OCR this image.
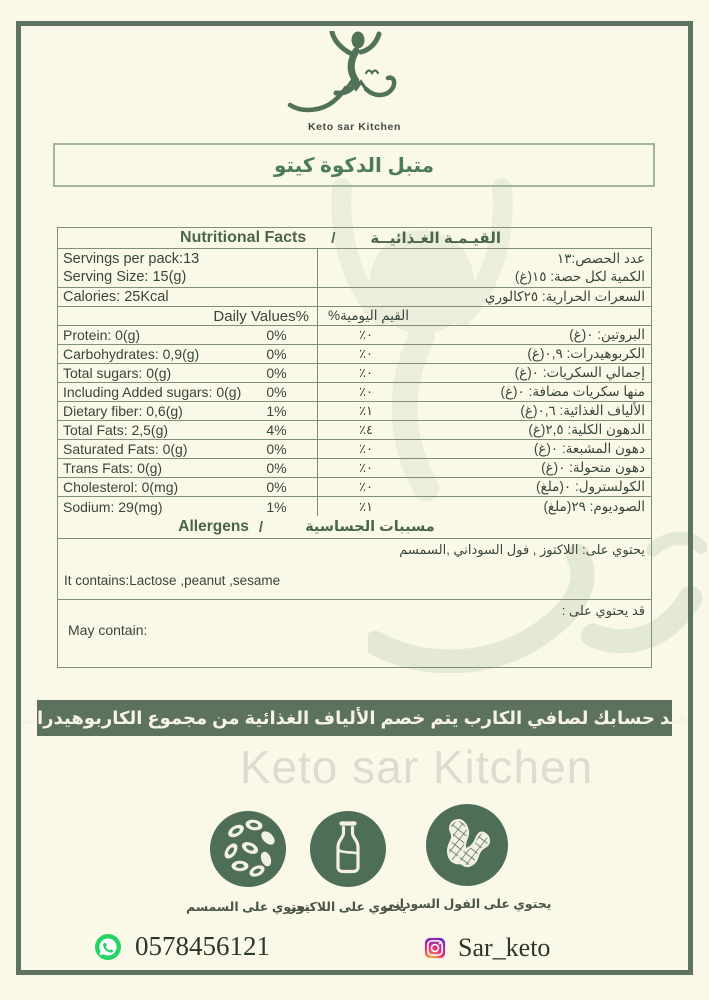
Keto sar Kitchen
Keto sar Kitchen
متبل الدكوة كيتو
Nutritional Facts / القيـمـة الغـذائيــة
Servings per pack:13
Serving Size: 15(g)
عدد الحصص:١٣
الكمية لكل حصة: ١٥(غ)
Calories: 25Kcal	السعرات الحرارية: ٢٥كالوري
Daily Values% القيم اليومية%
Protein: 0(g)	0%	٠٪	البروتين: ٠(غ)
Carbohydrates: 0,9(g)	0%	٠٪	الكربوهيدرات: ٠,٩(غ)
Total sugars: 0(g)	0%	٠٪	إجمالي السكريات: ٠(غ)
Including Added sugars: 0(g)	0%	٠٪	منها سكريات مضافة: ٠(غ)
Dietary fiber: 0,6(g)	1%	١٪	الألياف الغذائية: ٠,٦(غ)
Total Fats: 2,5(g)	4%	٤٪	الدهون الكلية: ٢,٥(غ)
Saturated Fats: 0(g)	0%	٠٪	دهون المشبعة: ٠(غ)
Trans Fats: 0(g)	0%	٠٪	دهون متحولة: ٠(غ)
Cholesterol: 0(mg)	0%	٠٪	الكولسترول: ٠(ملغ)
Sodium: 29(mg)	1%	١٪	الصوديوم: ٢٩(ملغ)
Allergens /	مسببات الحساسية
يحتوي على: اللاكتوز , فول السوداني ,السمسم
It contains:Lactose ,peanut ,sesame
قد يحتوي على :
May contain:
عند حسابك لصافي الكارب يتم خصم الألياف الغذائية من مجموع الكاربوهيدرات
يحتوي على السمسم
يحتوي على اللاكتوز
يحتوي على الفول السوداني
0578456121	Sar_keto
